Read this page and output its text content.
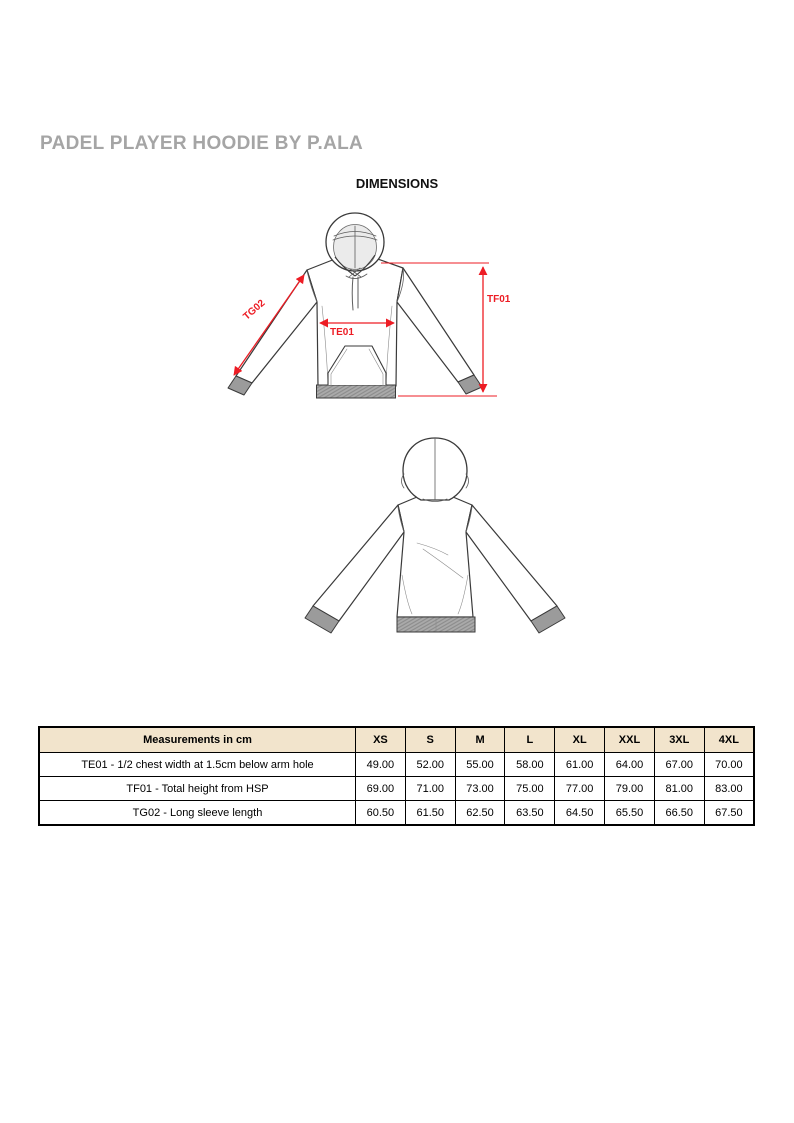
PADEL PLAYER HOODIE BY P.ALA
DIMENSIONS
TG02
TE01
TF01
Measurements in cm	XS	S	M	L	XL	XXL	3XL	4XL
TE01 - 1/2 chest width at 1.5cm below arm hole	49.00	52.00	55.00	58.00	61.00	64.00	67.00	70.00
TF01 - Total height from HSP	69.00	71.00	73.00	75.00	77.00	79.00	81.00	83.00
TG02 - Long sleeve length	60.50	61.50	62.50	63.50	64.50	65.50	66.50	67.50
